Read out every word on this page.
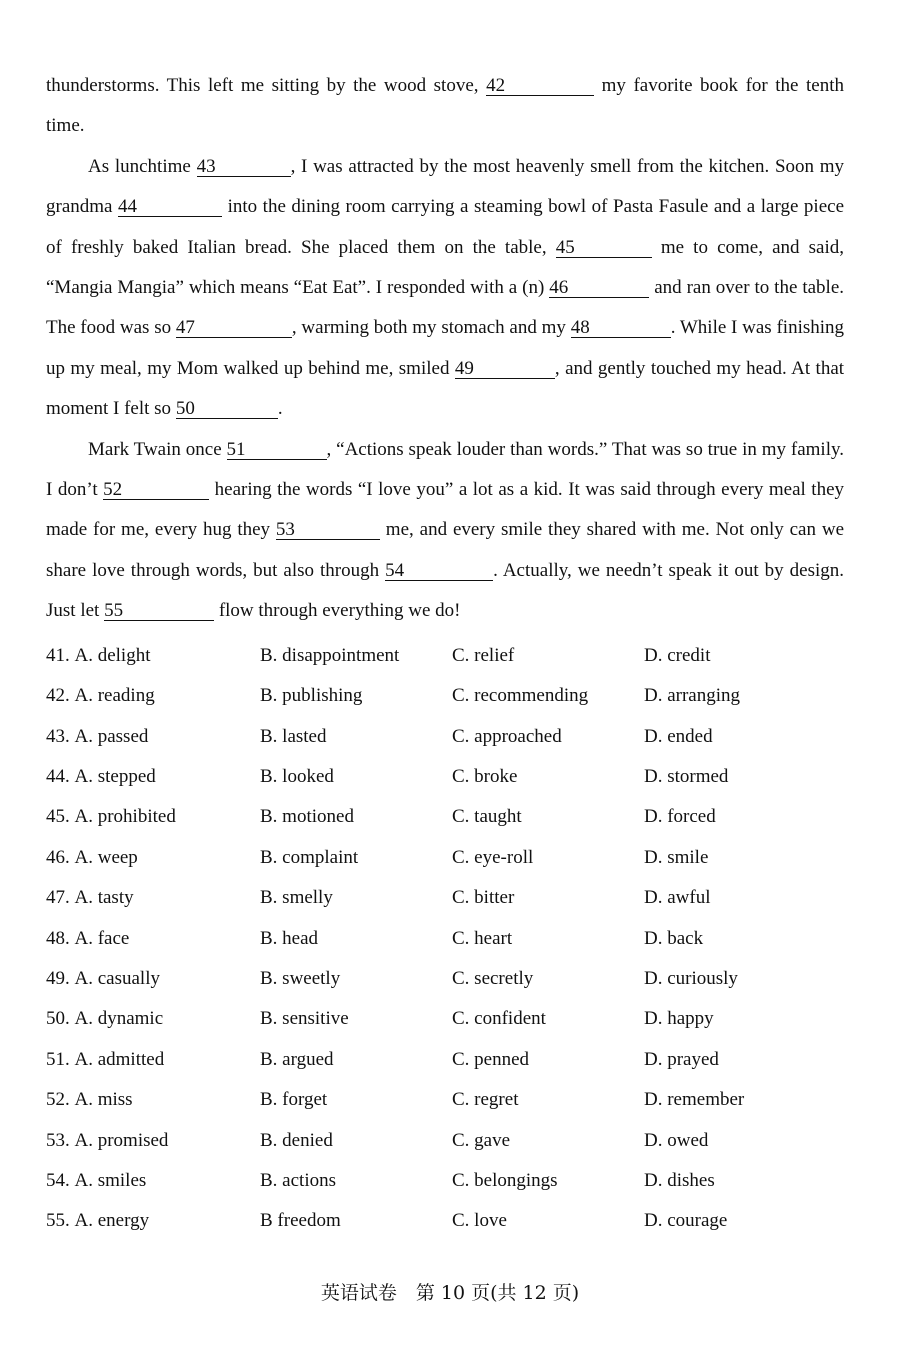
thunderstorms. This left me sitting by the wood stove, 42	my favorite book for the tenth time.

As lunchtime 43	, I was attracted by the most heavenly smell from the kitchen. Soon my grandma 44	into the dining room carrying a steaming bowl of Pasta Fasule and a large piece of freshly baked Italian bread. She placed them on the table, 45	me to come, and said, “Mangia Mangia” which means “Eat Eat”. I responded with a (n) 46	and ran over to the table. The food was so 47	, warming both my stomach and my 48	. While I was finishing up my meal, my Mom walked up behind me, smiled 49	, and gently touched my head. At that moment I felt so 50	.

Mark Twain once 51	, “Actions speak louder than words.” That was so true in my family. I don’t 52	hearing the words “I love you” a lot as a kid. It was said through every meal they made for me, every hug they 53	me, and every smile they shared with me. Not only can we share love through words, but also through 54	. Actually, we needn’t speak it out by design. Just let 55	flow through everything we do!

41. A. delight	B. disappointment	C. relief	D. credit
42. A. reading	B. publishing	C. recommending	D. arranging
43. A. passed	B. lasted	C. approached	D. ended
44. A. stepped	B. looked	C. broke	D. stormed
45. A. prohibited	B. motioned	C. taught	D. forced
46. A. weep	B. complaint	C. eye-roll	D. smile
47. A. tasty	B. smelly	C. bitter	D. awful
48. A. face	B. head	C. heart	D. back
49. A. casually	B. sweetly	C. secretly	D. curiously
50. A. dynamic	B. sensitive	C. confident	D. happy
51. A. admitted	B. argued	C. penned	D. prayed
52. A. miss	B. forget	C. regret	D. remember
53. A. promised	B. denied	C. gave	D. owed
54. A. smiles	B. actions	C. belongings	D. dishes
55. A. energy	B freedom	C. love	D. courage
英语试卷　第 10 页(共 12 页)
